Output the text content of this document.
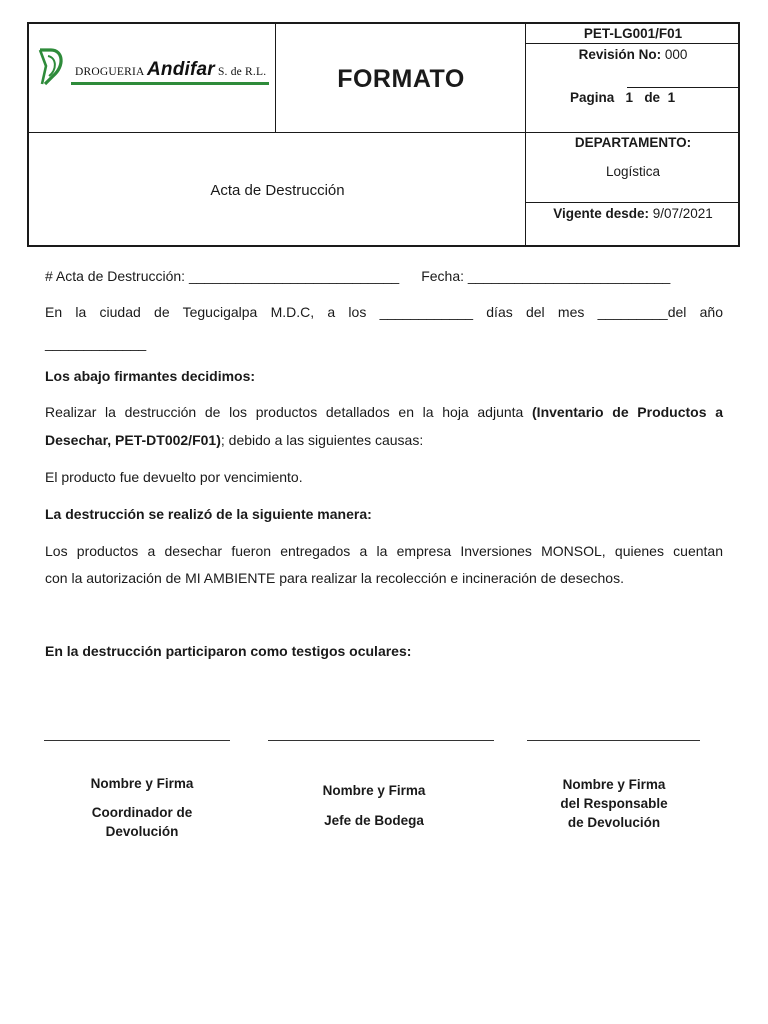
DROGUERIA Andifar S. de R.L.	FORMATO
PET-LG001/F01
Revisión No: 000
Pagina 1 de 1
Acta de Destrucción
DEPARTAMENTO:
Logística
Vigente desde: 9/07/2021
# Acta de Destrucción: ___________________________ Fecha: __________________________
En la ciudad de Tegucigalpa M.D.C, a los ____________ días del mes _________del año
_____________
Los abajo firmantes decidimos:
Realizar la destrucción de los productos detallados en la hoja adjunta (Inventario de Productos a
Desechar, PET-DT002/F01); debido a las siguientes causas:
El producto fue devuelto por vencimiento.
La destrucción se realizó de la siguiente manera:
Los productos a desechar fueron entregados a la empresa Inversiones MONSOL, quienes cuentan
con la autorización de MI AMBIENTE para realizar la recolección e incineración de desechos.
En la destrucción participaron como testigos oculares:
Nombre y Firma
Coordinador de
Devolución
Nombre y Firma
Jefe de Bodega
Nombre y Firma
del Responsable
de Devolución
